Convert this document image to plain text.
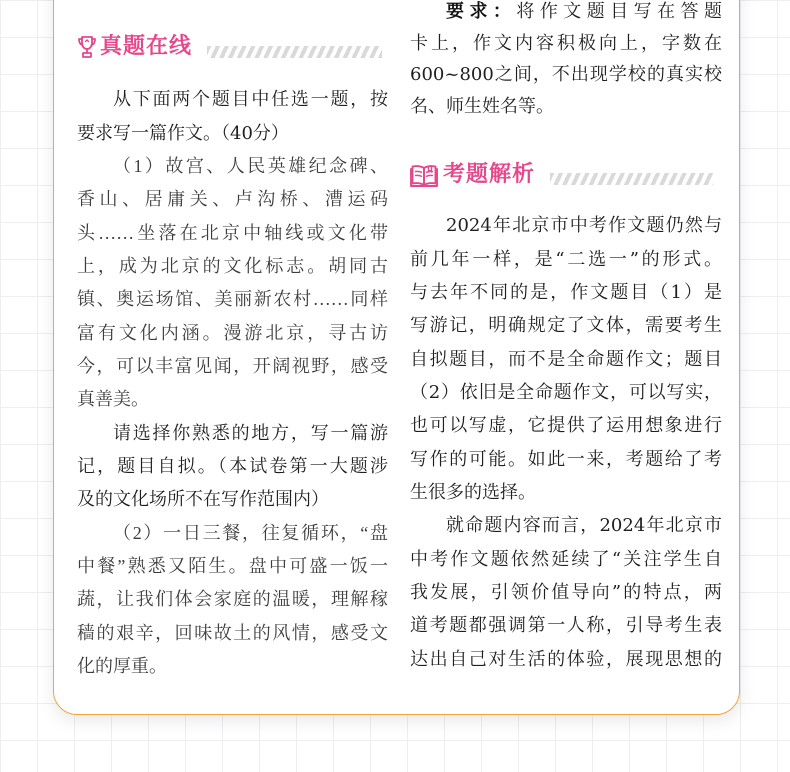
真题在线
从下面两个题目中任选一题，按
要求写一篇作文。（40分）
（1）故宫、人民英雄纪念碑、
香山、居庸关、卢沟桥、漕运码
头……坐落在北京中轴线或文化带
上，成为北京的文化标志。胡同古
镇、奥运场馆、美丽新农村……同样
富有文化内涵。漫游北京，寻古访
今，可以丰富见闻，开阔视野，感受
真善美。
请选择你熟悉的地方，写一篇游
记，题目自拟。（本试卷第一大题涉
及的文化场所不在写作范围内）
（2）一日三餐，往复循环，“盘
中餐”熟悉又陌生。盘中可盛一饭一
蔬，让我们体会家庭的温暖，理解稼
穑的艰辛，回味故土的风情，感受文
化的厚重。
要求：将作文题目写在答题
卡上，作文内容积极向上，字数在
600~800之间，不出现学校的真实校
名、师生姓名等。
考题解析
2024年北京市中考作文题仍然与
前几年一样，是“二选一”的形式。
与去年不同的是，作文题目（1）是
写游记，明确规定了文体，需要考生
自拟题目，而不是全命题作文；题目
（2）依旧是全命题作文，可以写实，
也可以写虚，它提供了运用想象进行
写作的可能。如此一来，考题给了考
生很多的选择。
就命题内容而言，2024年北京市
中考作文题依然延续了“关注学生自
我发展，引领价值导向”的特点，两
道考题都强调第一人称，引导考生表
达出自己对生活的体验，展现思想的
